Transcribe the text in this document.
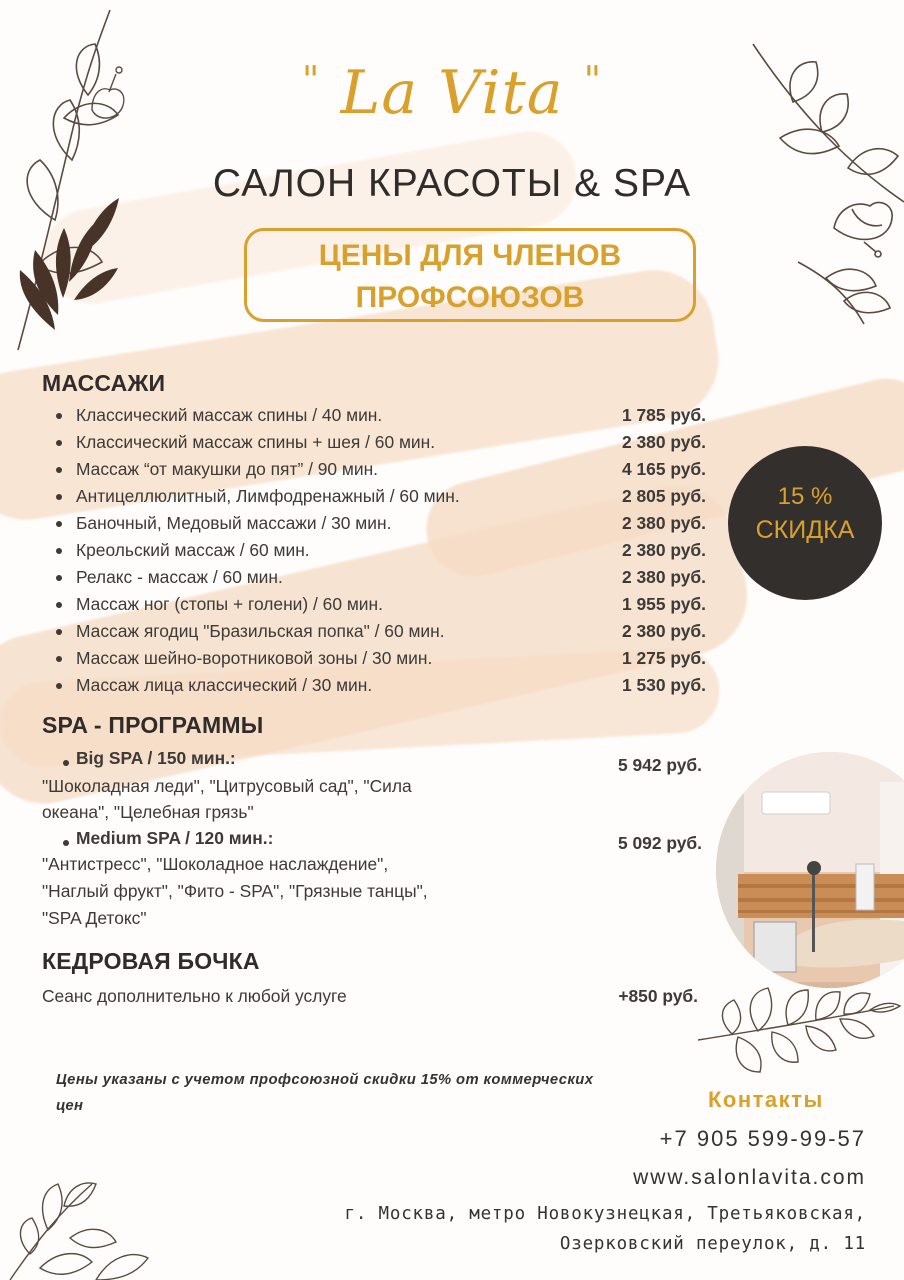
" La Vita "
САЛОН КРАСОТЫ & SPA
ЦЕНЫ ДЛЯ ЧЛЕНОВ
ПРОФСОЮЗОВ
МАССАЖИ
Классический массаж спины / 40 мин.	1 785 руб.
Классический массаж спины + шея / 60 мин.	2 380 руб.
Массаж “от макушки до пят” / 90 мин.	4 165 руб.
Антицеллюлитный, Лимфодренажный / 60 мин.	2 805 руб.
Баночный, Медовый массажи / 30 мин.	2 380 руб.
Креольский массаж / 60 мин.	2 380 руб.
Релакс - массаж / 60 мин.	2 380 руб.
Массаж ног (стопы + голени) / 60 мин.	1 955 руб.
Массаж ягодиц "Бразильская попка" / 60 мин.	2 380 руб.
Массаж шейно-воротниковой зоны / 30 мин.	1 275 руб.
Массаж лица классический / 30 мин.	1 530 руб.
15 %
СКИДКА
SPA - ПРОГРАММЫ
Big SPA / 150 мин.:	5 942 руб.
"Шоколадная леди", "Цитрусовый сад", "Сила
океана", "Целебная грязь"
Medium SPA / 120 мин.:	5 092 руб.
"Антистресс", "Шоколадное наслаждение",
"Наглый фрукт", "Фито - SPA", "Грязные танцы",
"SPA Детокс"
КЕДРОВАЯ БОЧКА
Сеанс дополнительно к любой услуге	+850 руб.
Цены указаны с учетом профсоюзной скидки 15% от коммерческих цен	Контакты
+7 905 599-99-57
www.salonlavita.com
г. Москва, метро Новокузнецкая, Третьяковская,
Озерковский переулок, д. 11
